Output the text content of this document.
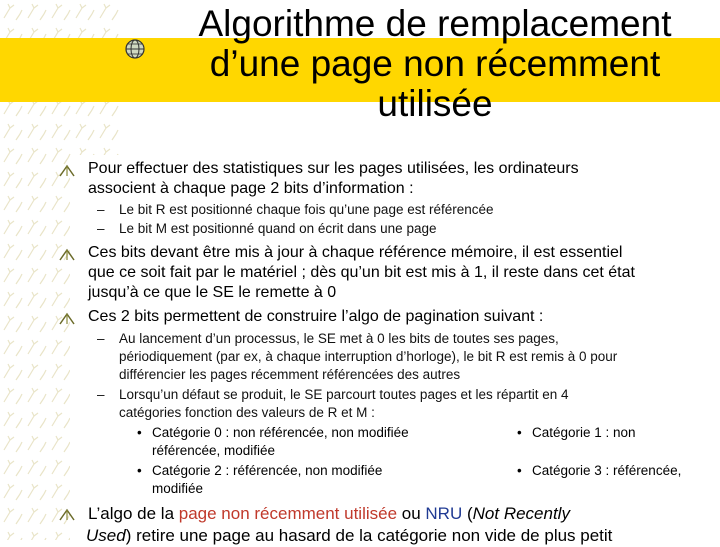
Algorithme de remplacement
d’une page non récemment
utilisée
Pour effectuer des statistiques sur les pages utilisées, les ordinateurs
associent à chaque page 2 bits d’information :
– Le bit R est positionné chaque fois qu’une page est référencée
– Le bit M est positionné quand on écrit dans une page
Ces bits devant être mis à jour à chaque référence mémoire, il est essentiel
que ce soit fait par le matériel ; dès qu’un bit est mis à 1, il reste dans cet état
jusqu’à ce que le SE le remette à 0
Ces 2 bits permettent de construire l’algo de pagination suivant :
– Au lancement d’un processus, le SE met à 0 les bits de toutes ses pages,
périodiquement (par ex, à chaque interruption d’horloge), le bit R est remis à 0 pour
différencier les pages récemment référencées des autres
– Lorsqu’un défaut se produit, le SE parcourt toutes pages et les répartit en 4
catégories fonction des valeurs de R et M :
• Catégorie 0 : non référencée, non modifiée
référencée, modifiée
• Catégorie 1 : non
• Catégorie 2 : référencée, non modifiée
modifiée
• Catégorie 3 : référencée,
L’algo de la page non récemment utilisée ou NRU (Not Recently
Used) retire une page au hasard de la catégorie non vide de plus petit
